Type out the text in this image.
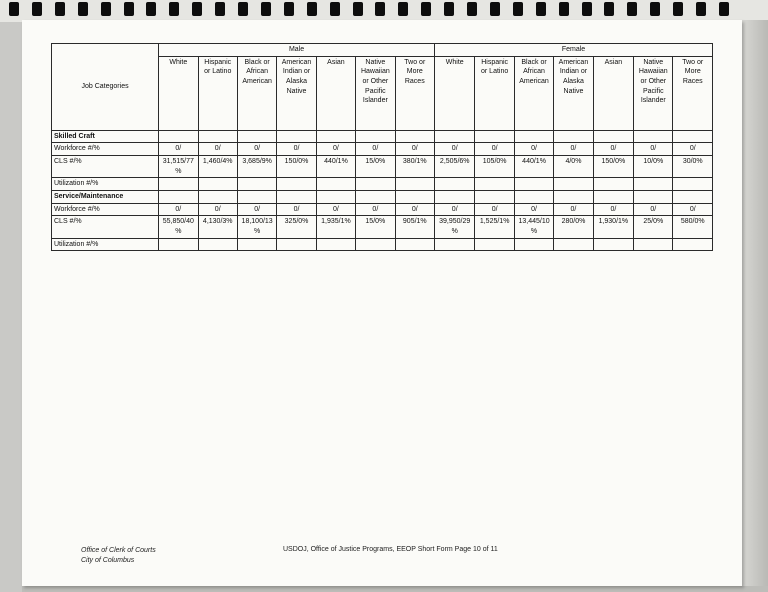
Job Categories	Male							Female						
	White	Hispanic or Latino	Black or African American	American Indian or Alaska Native	Asian	Native Hawaiian or Other Pacific Islander	Two or More Races	White	Hispanic or Latino	Black or African American	American Indian or Alaska Native	Asian	Native Hawaiian or Other Pacific Islander	Two or More Races
Skilled Craft														
Workforce #/%	0/	0/	0/	0/	0/	0/	0/	0/	0/	0/	0/	0/	0/	0/
CLS #/%	31,515/77 %	1,460/4%	3,685/9%	150/0%	440/1%	15/0%	380/1%	2,505/6%	105/0%	440/1%	4/0%	150/0%	10/0%	30/0%
Utilization #/%														
Service/Maintenance														
Workforce #/%	0/	0/	0/	0/	0/	0/	0/	0/	0/	0/	0/	0/	0/	0/
CLS #/%	55,850/40 %	4,130/3%	18,100/13 %	325/0%	1,935/1%	15/0%	905/1%	39,950/29 %	1,525/1%	13,445/10 %	280/0%	1,930/1%	25/0%	580/0%
Utilization #/%														
Office of Clerk of Courts
City of Columbus
USDOJ, Office of Justice Programs, EEOP Short Form Page 10 of 11
